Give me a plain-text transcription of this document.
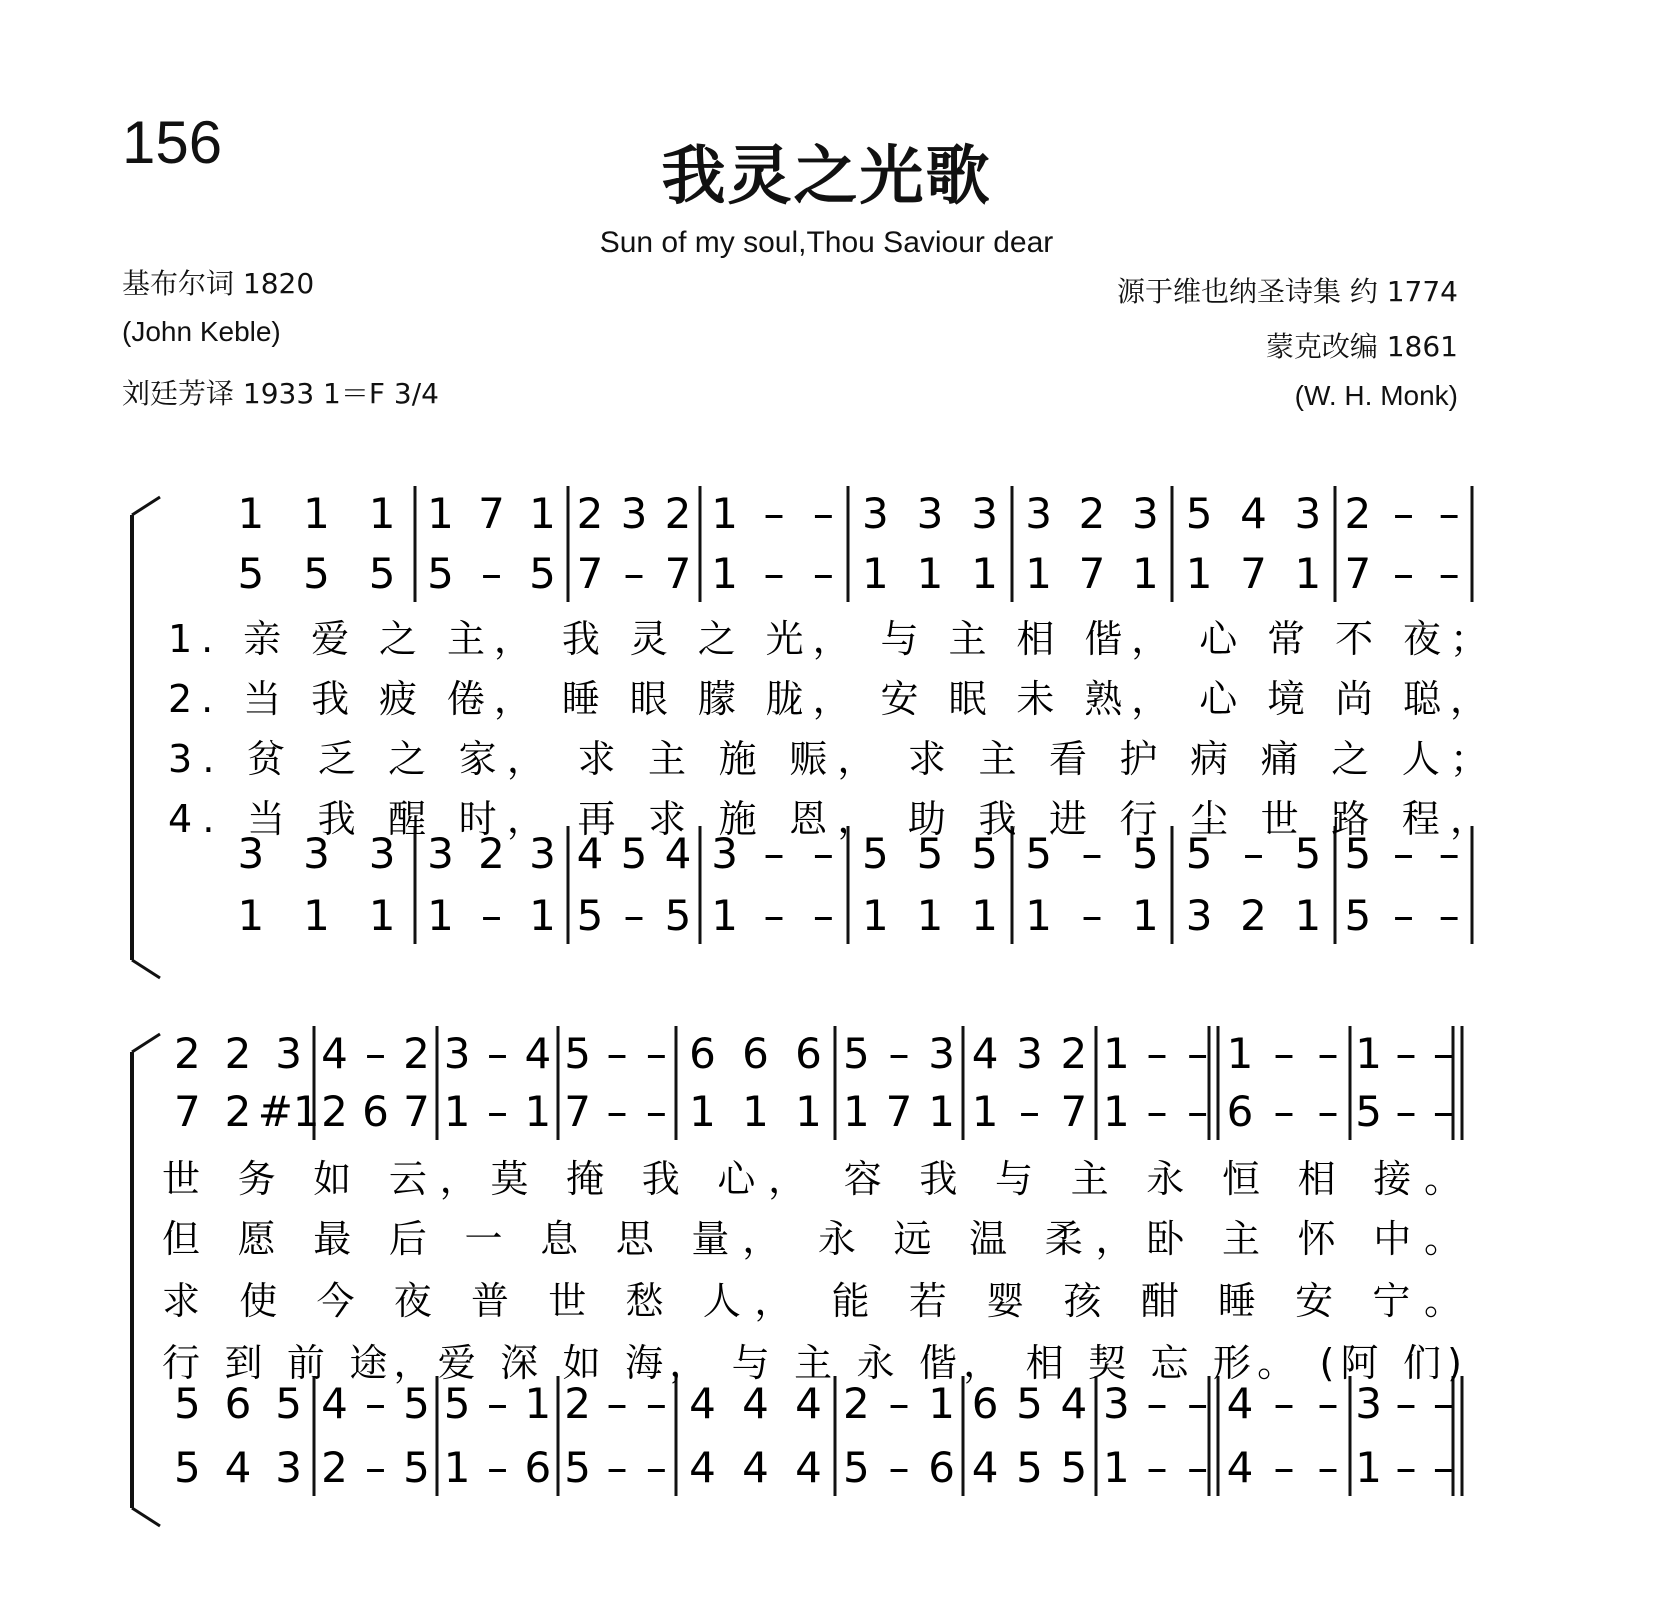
156	我灵之光歌
Sun of my soul,Thou Saviour dear
基布尔词 1820
(John Keble)
刘廷芳译 1933 1＝F 3/4
源于维也纳圣诗集 约 1774
蒙克改编 1861
(W. H. Monk)
1 1 1 1 7 1 2 3 2 1 – – 3 3 3 3 2 3 5 4 3 2 – –
5 5 5 5 – 5 7 – 7 1 – – 1 1 1 1 7 1 1 7 1 7 – –
3 3 3 3 2 3 4 5 4 3 – – 5 5 5 5 – 5 5 – 5 5 – –
1 1 1 1 – 1 5 – 5 1 – – 1 1 1 1 – 1 3 2 1 5 – –
1. 亲 爱 之 主， 我 灵 之 光， 与 主 相 偕， 心 常 不 夜；
2. 当 我 疲 倦， 睡 眼 朦 胧， 安 眠 未 熟， 心 境 尚 聪，
3. 贫 乏 之 家， 求 主 施 赈， 求 主 看 护 病 痛 之 人；
4. 当 我 醒 时， 再 求 施 恩， 助 我 进 行 尘 世 路 程，
2 2 3 4 – 2 3 – 4 5 – – 6 6 6 5 – 3 4 3 2 1 – – 1 – – 1 – –
7 2 #1 2 6 7 1 – 1 7 – – 1 1 1 1 7 1 1 – 7 1 – – 6 – – 5 – –
5 6 5 4 – 5 5 – 1 2 – – 4 4 4 2 – 1 6 5 4 3 – – 4 – – 3 – –
5 4 3 2 – 5 1 – 6 5 – – 4 4 4 5 – 6 4 5 5 1 – – 4 – – 1 – –
世 务 如 云，莫 掩 我 心， 容 我 与 主 永 恒 相 接。
但 愿 最 后 一 息 思 量， 永 远 温 柔，卧 主 怀 中。
求 使 今 夜 普 世 愁 人， 能 若 婴 孩 酣 睡 安 宁。
行 到 前 途，爱 深 如 海， 与 主 永 偕， 相 契 忘 形。 (阿 们)
